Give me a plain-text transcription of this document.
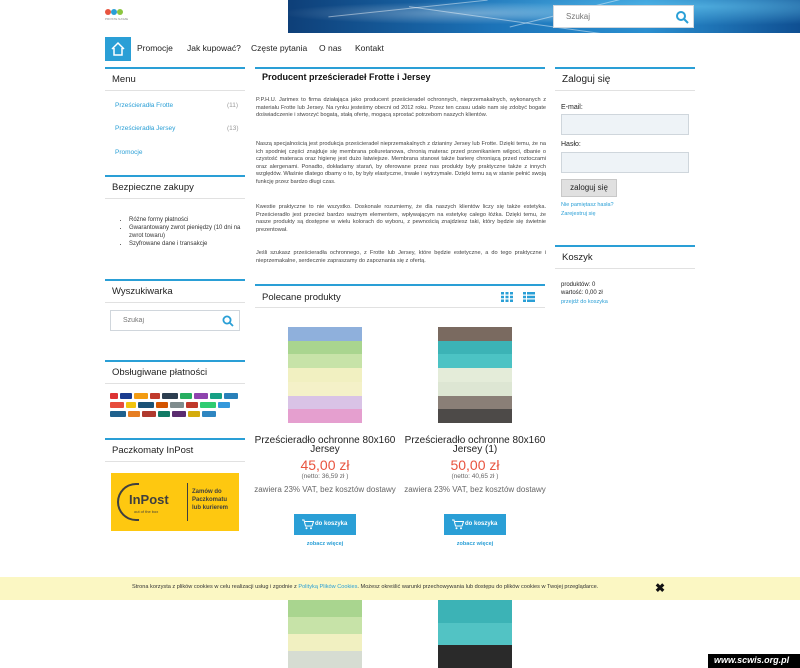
PROSTE NASZE
Szukaj
Promocje Jak kupować? Częste pytania O nas Kontakt
Menu
Prześcieradła Frotte	(11)
Prześcieradła Jersey	(13)
Promocje
Bezpieczne zakupy
• Różne formy płatności
• Gwarantowany zwrot pieniędzy (10 dni na zwrot towaru)
• Szyfrowane dane i transakcje
Wyszukiwarka
Szukaj
Obsługiwane płatności
Paczkomaty InPost
InPost
out of the box
Zamów do Paczkomatu lub kurierem
Producent prześcieradeł Frotte i Jersey

P.P.H.U. Jarimex to firma działająca jako producent prześcieradeł ochronnych, nieprzemakalnych, wykonanych z materiału Frotte lub Jersey. Na rynku jesteśmy obecni od 2012 roku. Przez ten czasu udało nam się zdobyć bogate doświadczenie i stworzyć bogatą, stałą ofertę, mogącą sprostać potrzebom naszych klientów.

Naszą specjalnością jest produkcja prześcieradeł nieprzemakalnych z dzianiny Jersey lub Frotte. Dzięki temu, że na ich spodniej części znajduje się membrana poliuretanowa, chronią materac przed przenikaniem wilgoci, dbanie o czystość materaca oraz higienę jest dużo łatwiejsze. Membrana stanowi także barierę chroniącą przed roztoczami oraz alergenami. Ponadto, dokładamy starań, by oferowane przez nas produkty były praktyczne także z innych względów. Właśnie dlatego dbamy o to, by były elastyczne, trwałe i wytrzymałe. Dzięki temu są w stanie pełnić swoją funkcję przez bardzo długi czas.

Kwestie praktyczne to nie wszystko. Doskonale rozumiemy, że dla naszych klientów liczy się także estetyka. Prześcieradło jest przecież bardzo ważnym elementem, wpływającym na estetykę całego łóżka. Dzięki temu, że nasze produkty są dostępne w wielu kolorach do wyboru, z pewnością znajdziesz taki, który będzie się świetnie prezentował.

Jeśli szukasz prześcieradła ochronnego, z Frotte lub Jersey, które będzie estetyczne, a do tego praktyczne i nieprzemakalne, serdecznie zapraszamy do zapoznania się z ofertą.

Polecane produkty
Prześcieradło ochronne 80x160 Jersey
45,00 zł
(netto: 36,59 zł )
zawiera 23% VAT, bez kosztów dostawy
do koszyka
zobacz więcej
Prześcieradło ochronne 80x160 Jersey (1)
50,00 zł
(netto: 40,65 zł )
zawiera 23% VAT, bez kosztów dostawy
do koszyka
zobacz więcej
Zaloguj się
E-mail:
Hasło:
zaloguj się
Nie pamiętasz hasła?
Zarejestruj się
Koszyk
produktów: 0
wartość: 0,00 zł
przejdź do koszyka
Strona korzysta z plików cookies w celu realizacji usług i zgodnie z Polityką Plików Cookies. Możesz określić warunki przechowywania lub dostępu do plików cookies w Twojej przeglądarce.	✖
www.scwis.org.pl
